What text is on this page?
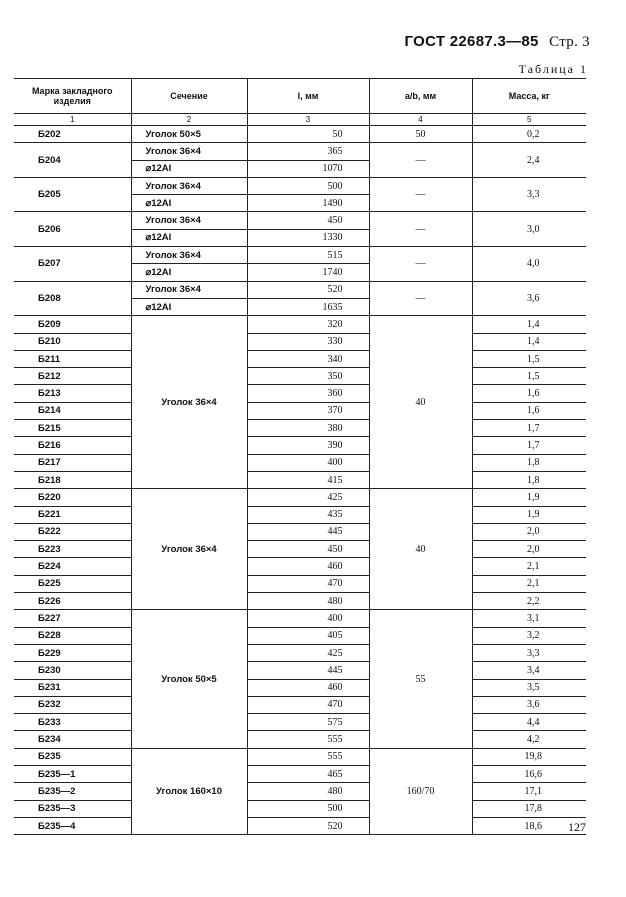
ГОСТ 22687.3—85 Стр. 3
Таблица 1
Марка закладного изделия	Сечение	l, мм	a/b, мм	Масса, кг
1	2	3	4	5
Б202	Уголок 50×5	50	50	0,2
Б204	Уголок 36×4	365	—	2,4
	⌀12АI	1070		
Б205	Уголок 36×4	500	—	3,3
	⌀12АI	1490		
Б206	Уголок 36×4	450	—	3,0
	⌀12АI	1330		
Б207	Уголок 36×4	515	—	4,0
	⌀12АI	1740		
Б208	Уголок 36×4	520	—	3,6
	⌀12АI	1635		
Б209	Уголок 36×4	320	40	1,4
Б210		330		1,4
Б211		340		1,5
Б212		350		1,5
Б213		360		1,6
Б214		370		1,6
Б215		380		1,7
Б216		390		1,7
Б217		400		1,8
Б218		415		1,8
Б220	Уголок 36×4	425	40	1,9
Б221		435		1,9
Б222		445		2,0
Б223		450		2,0
Б224		460		2,1
Б225		470		2,1
Б226		480		2,2
Б227	Уголок 50×5	400	55	3,1
Б228		405		3,2
Б229		425		3,3
Б230		445		3,4
Б231		460		3,5
Б232		470		3,6
Б233		575		4,4
Б234		555		4,2
Б235	Уголок 160×10	555	160/70	19,8
Б235—1		465		16,6
Б235—2		480		17,1
Б235—3		500		17,8
Б235—4		520		18,6 127
